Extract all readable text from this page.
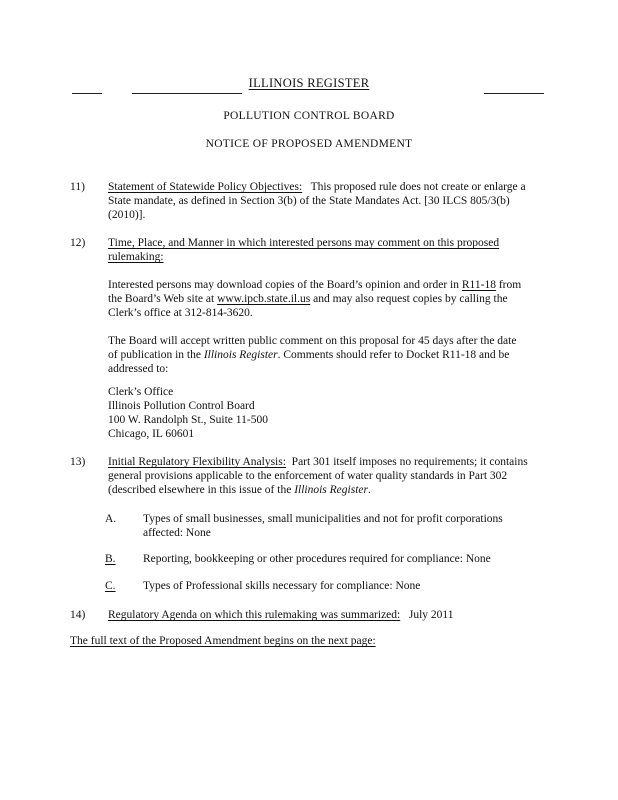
ILLINOIS REGISTER
POLLUTION CONTROL BOARD
NOTICE OF PROPOSED AMENDMENT
11) Statement of Statewide Policy Objectives: This proposed rule does not create or enlarge a State mandate, as defined in Section 3(b) of the State Mandates Act. [30 ILCS 805/3(b) (2010)].
12) Time, Place, and Manner in which interested persons may comment on this proposed rulemaking:
Interested persons may download copies of the Board’s opinion and order in R11-18 from the Board’s Web site at www.ipcb.state.il.us and may also request copies by calling the Clerk’s office at 312-814-3620.
The Board will accept written public comment on this proposal for 45 days after the date of publication in the Illinois Register. Comments should refer to Docket R11-18 and be addressed to:
Clerk’s Office
Illinois Pollution Control Board
100 W. Randolph St., Suite 11-500
Chicago, IL 60601
13) Initial Regulatory Flexibility Analysis: Part 301 itself imposes no requirements; it contains general provisions applicable to the enforcement of water quality standards in Part 302 (described elsewhere in this issue of the Illinois Register.
A. Types of small businesses, small municipalities and not for profit corporations affected: None
B. Reporting, bookkeeping or other procedures required for compliance: None
C. Types of Professional skills necessary for compliance: None
14) Regulatory Agenda on which this rulemaking was summarized: July 2011
The full text of the Proposed Amendment begins on the next page:
